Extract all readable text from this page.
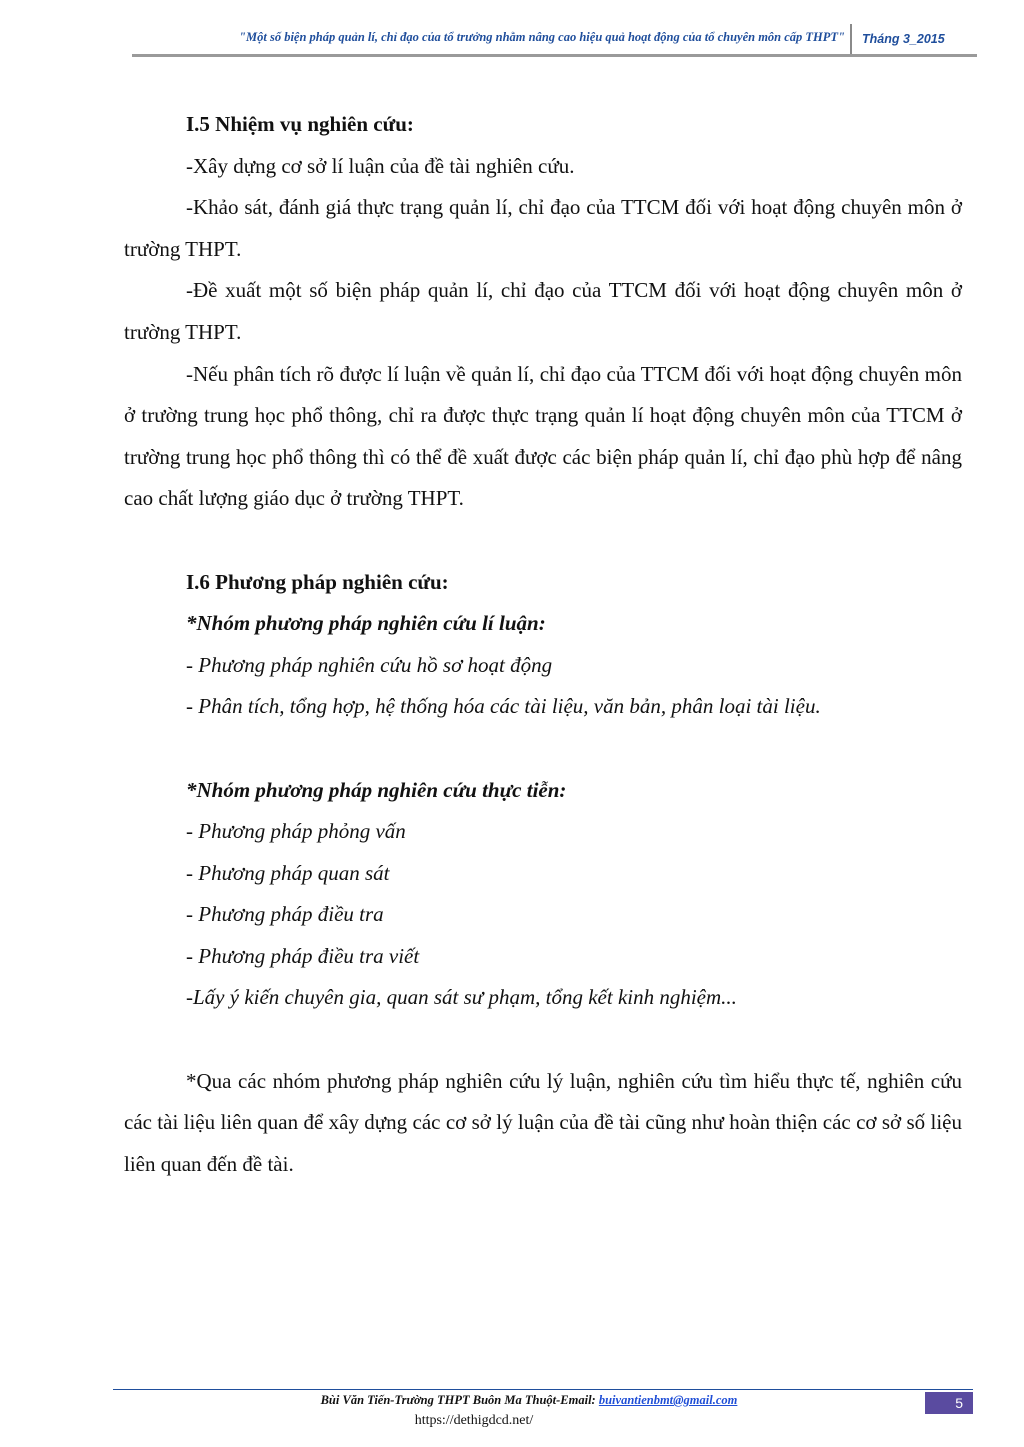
"Một số biện pháp quản lí, chỉ đạo của tổ trưởng nhằm nâng cao hiệu quả hoạt động của tổ chuyên môn cấp THPT" Tháng 3_2015

I.5 Nhiệm vụ nghiên cứu:

-Xây dựng cơ sở lí luận của đề tài nghiên cứu.

-Khảo sát, đánh giá thực trạng quản lí, chỉ đạo của TTCM đối với hoạt động chuyên môn ở trường THPT.

-Đề xuất một số biện pháp quản lí, chỉ đạo của TTCM đối với hoạt động chuyên môn ở trường THPT.

-Nếu phân tích rõ được lí luận về quản lí, chỉ đạo của TTCM đối với hoạt động chuyên môn ở trường trung học phổ thông, chỉ ra được thực trạng quản lí hoạt động chuyên môn của TTCM ở trường trung học phổ thông thì có thể đề xuất được các biện pháp quản lí, chỉ đạo phù hợp để nâng cao chất lượng giáo dục ở trường THPT.

I.6 Phương pháp nghiên cứu:

*Nhóm phương pháp nghiên cứu lí luận:

- Phương pháp nghiên cứu hồ sơ hoạt động

- Phân tích, tổng hợp, hệ thống hóa các tài liệu, văn bản, phân loại tài liệu.

*Nhóm phương pháp nghiên cứu thực tiễn:

- Phương pháp phỏng vấn

- Phương pháp quan sát

- Phương pháp điều tra

- Phương pháp điều tra viết

-Lấy ý kiến chuyên gia, quan sát sư phạm, tổng kết kinh nghiệm...

*Qua các nhóm phương pháp nghiên cứu lý luận, nghiên cứu tìm hiểu thực tế, nghiên cứu các tài liệu liên quan để xây dựng các cơ sở lý luận của đề tài cũng như hoàn thiện các cơ sở số liệu liên quan đến đề tài.

Bùi Văn Tiến-Trường THPT Buôn Ma Thuột-Email: buivantienbmt@gmail.com	5
https://dethigdcd.net/
